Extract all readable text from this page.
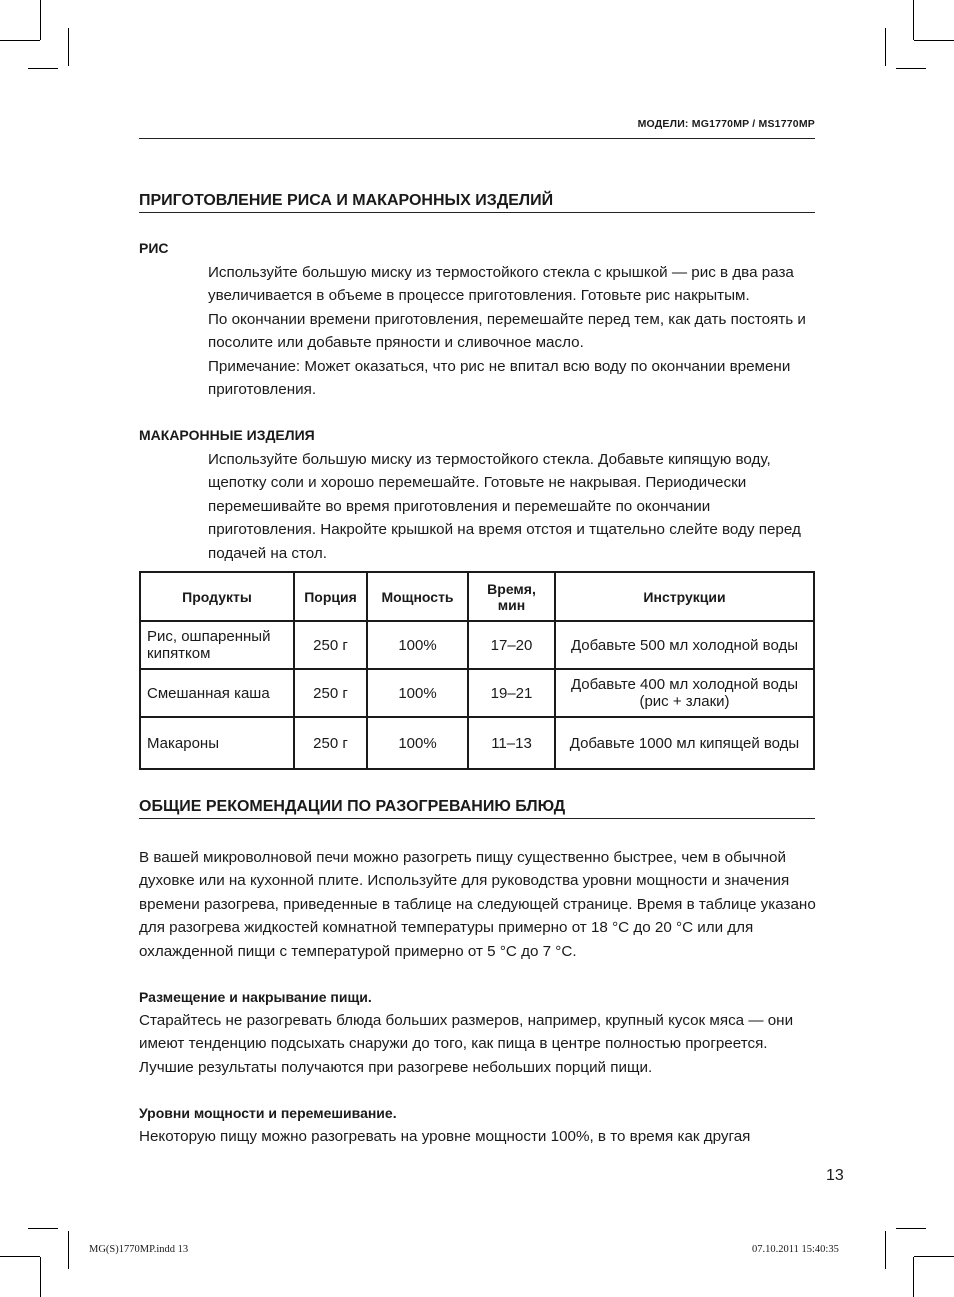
МОДЕЛИ: MG1770MP / MS1770MP
ПРИГОТОВЛЕНИЕ РИСА И МАКАРОННЫХ ИЗДЕЛИЙ
РИС

Используйте большую миску из термостойкого стекла с крышкой — рис в два раза увеличивается в объеме в процессе приготовления. Готовьте рис накрытым.

По окончании времени приготовления, перемешайте перед тем, как дать постоять и посолите или добавьте пряности и сливочное масло.

Примечание: Может оказаться, что рис не впитал всю воду по окончании времени приготовления.

МАКАРОННЫЕ ИЗДЕЛИЯ

Используйте большую миску из термостойкого стекла. Добавьте кипящую воду, щепотку соли и хорошо перемешайте. Готовьте не накрывая. Периодически перемешивайте во время приготовления и перемешайте по окончании приготовления. Накройте крышкой на время отстоя и тщательно слейте воду перед подачей на стол.

Продукты	Порция	Мощность	Время, мин	Инструкции
Рис, ошпаренный кипятком	250 г	100%	17–20	Добавьте 500 мл холодной воды
Смешанная каша	250 г	100%	19–21	Добавьте 400 мл холодной воды (рис + злаки)
Макароны	250 г	100%	11–13	Добавьте 1000 мл кипящей воды
ОБЩИЕ РЕКОМЕНДАЦИИ ПО РАЗОГРЕВАНИЮ БЛЮД

В вашей микроволновой печи можно разогреть пищу существенно быстрее, чем в обычной духовке или на кухонной плите. Используйте для руководства уровни мощности и значения времени разогрева, приведенные в таблице на следующей странице. Время в таблице указано для разогрева жидкостей комнатной температуры примерно от 18 °С до 20 °С или для охлажденной пищи с температурой примерно от 5 °С до 7 °С.

Размещение и накрывание пищи.

Старайтесь не разогревать блюда больших размеров, например, крупный кусок мяса — они имеют тенденцию подсыхать снаружи до того, как пища в центре полностью прогреется. Лучшие результаты получаются при разогреве небольших порций пищи.

Уровни мощности и перемешивание.

Некоторую пищу можно разогревать на уровне мощности 100%, в то время как другая

13
MG(S)1770MP.indd 13	07.10.2011 15:40:35
